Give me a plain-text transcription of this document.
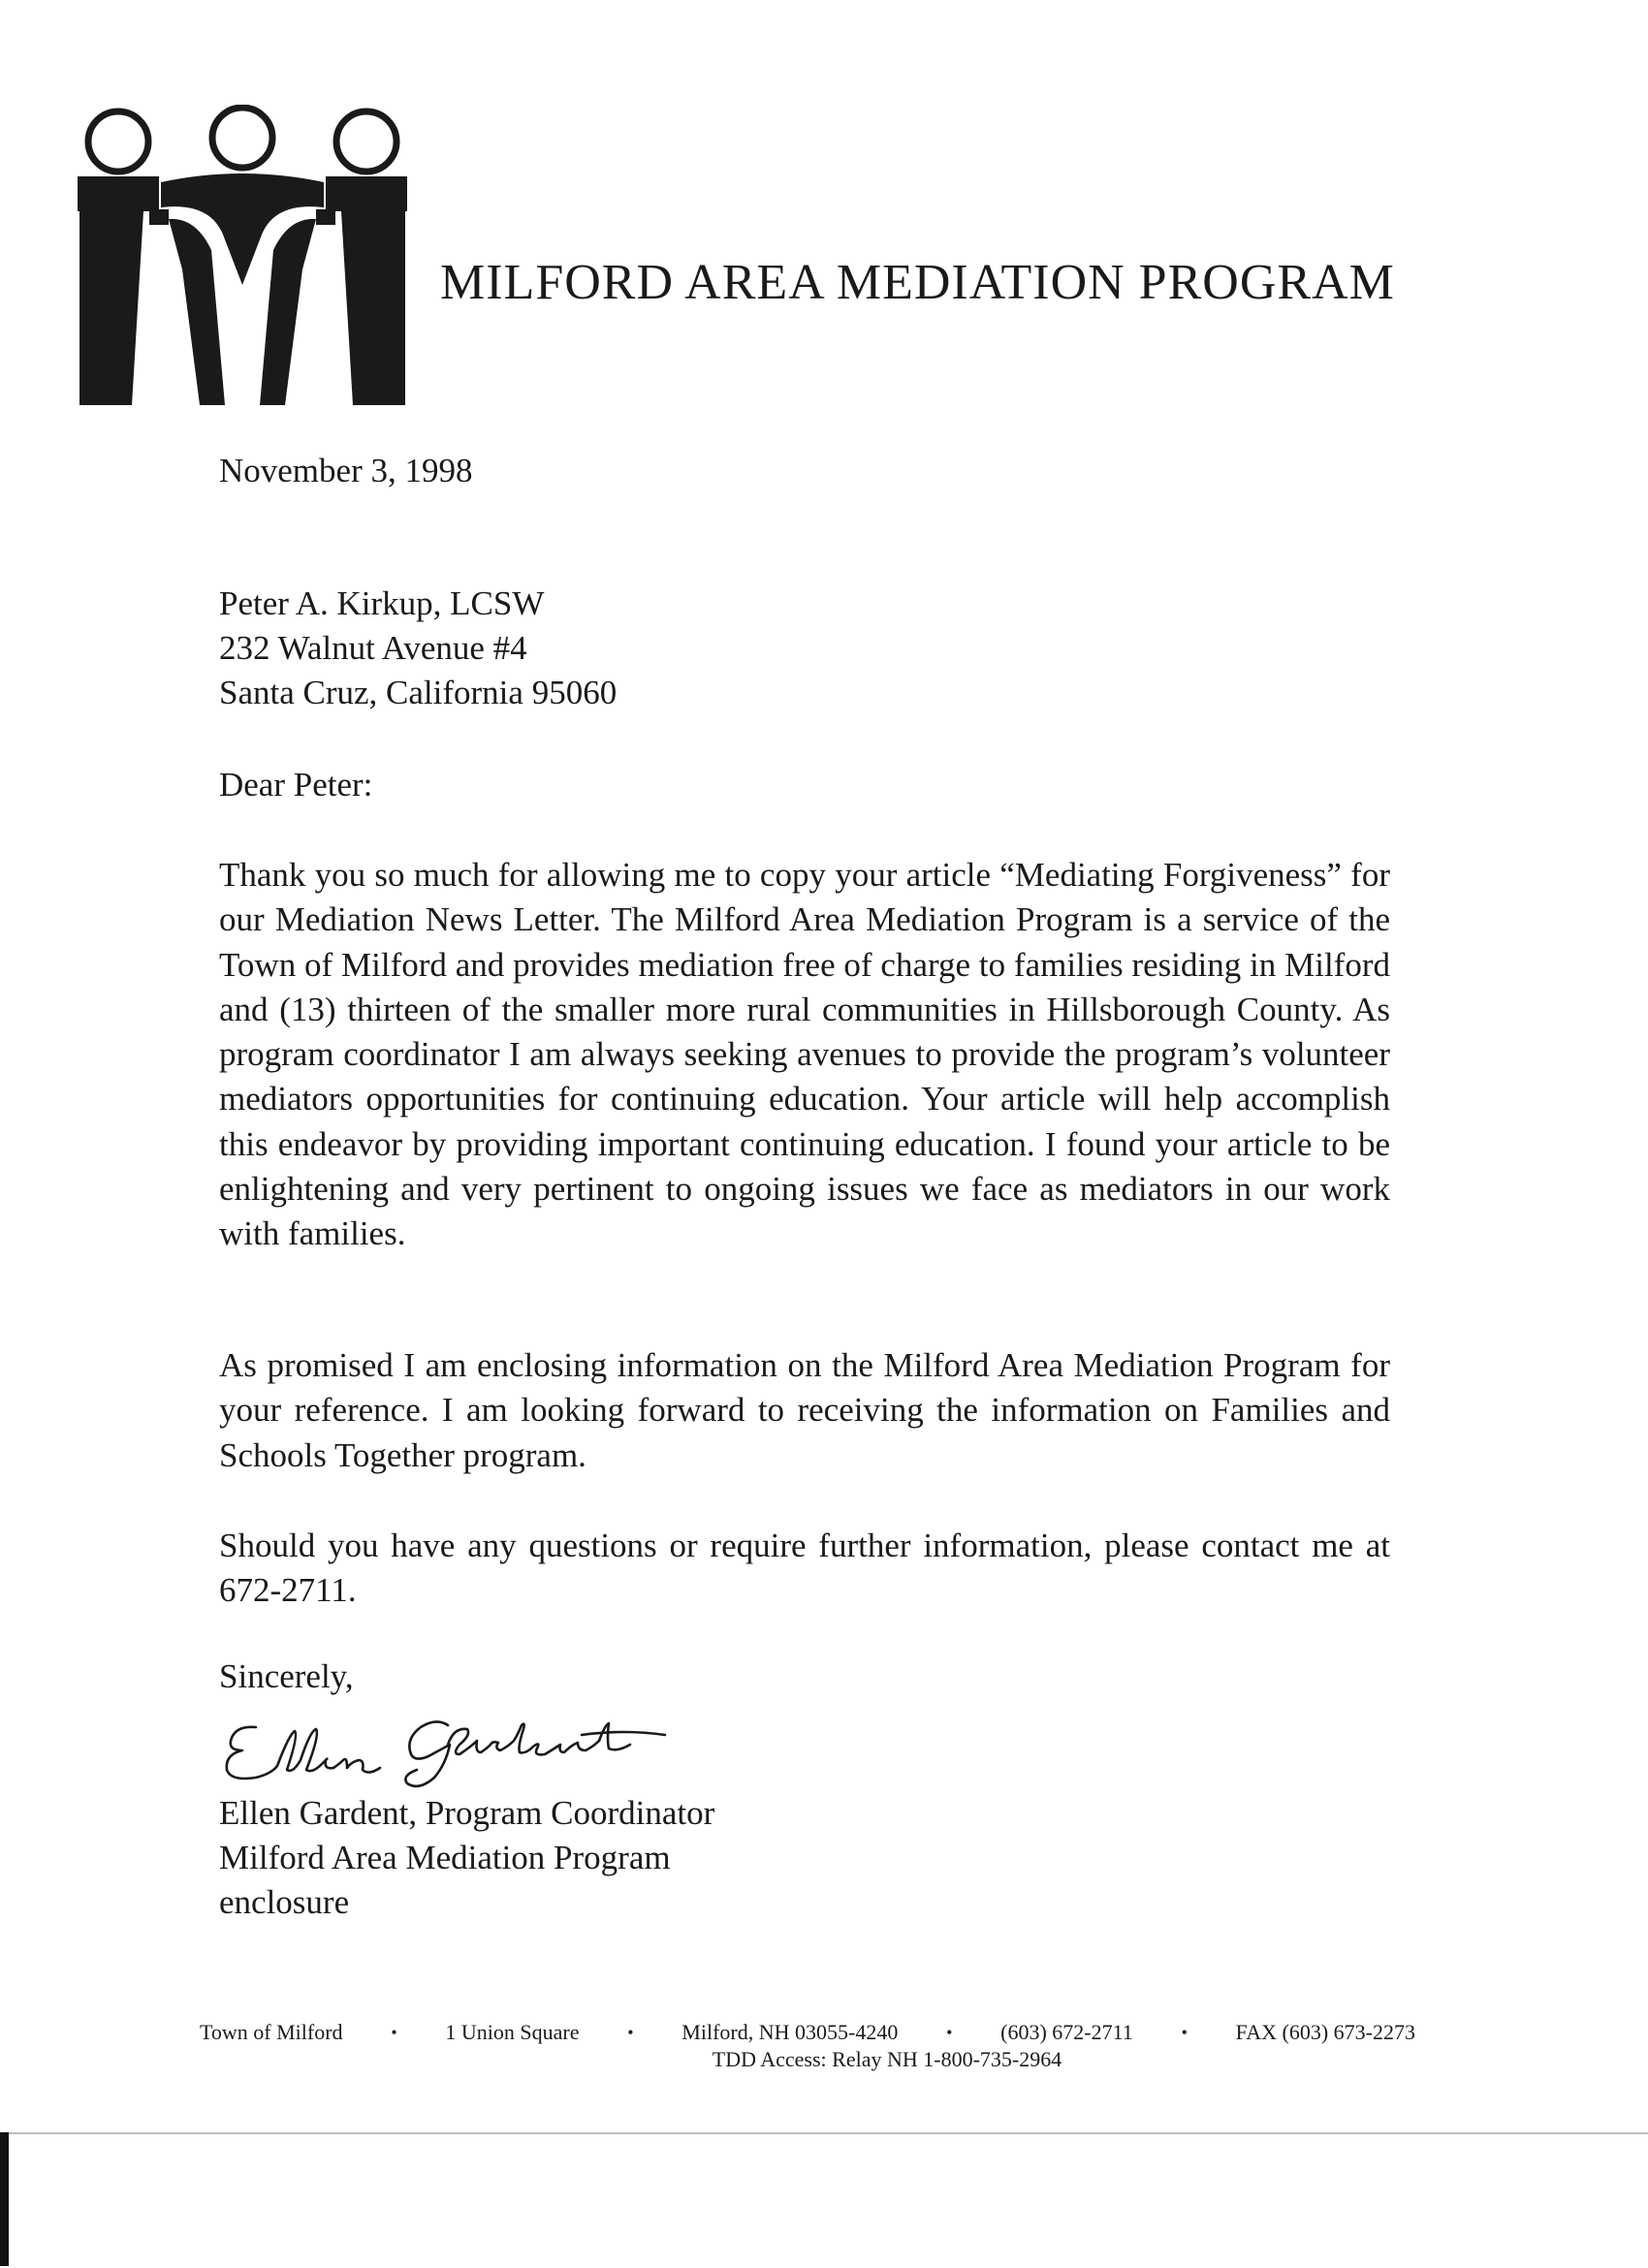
MILFORD AREA MEDIATION PROGRAM
November 3, 1998
Peter A. Kirkup, LCSW
232 Walnut Avenue #4
Santa Cruz, California 95060
Dear Peter:
Thank you so much for allowing me to copy your article “Mediating Forgiveness” for our Mediation News Letter. The Milford Area Mediation Program is a service of the Town of Milford and provides mediation free of charge to families residing in Milford and (13) thirteen of the smaller more rural communities in Hillsborough County. As program coordinator I am always seeking avenues to provide the program’s volunteer mediators opportunities for continuing education. Your article will help accomplish this endeavor by providing important continuing education. I found your article to be enlightening and very pertinent to ongoing issues we face as mediators in our work with families.
As promised I am enclosing information on the Milford Area Mediation Program for your reference. I am looking forward to receiving the information on Families and Schools Together program.
Should you have any questions or require further information, please contact me at 672-2711.
Sincerely,
Ellen Gardent, Program Coordinator
Milford Area Mediation Program
enclosure
Town of Milford	• 1 Union Square	• Milford, NH 03055-4240	• (603) 672-2711	• FAX (603) 673-2273
TDD Access: Relay NH 1-800-735-2964
